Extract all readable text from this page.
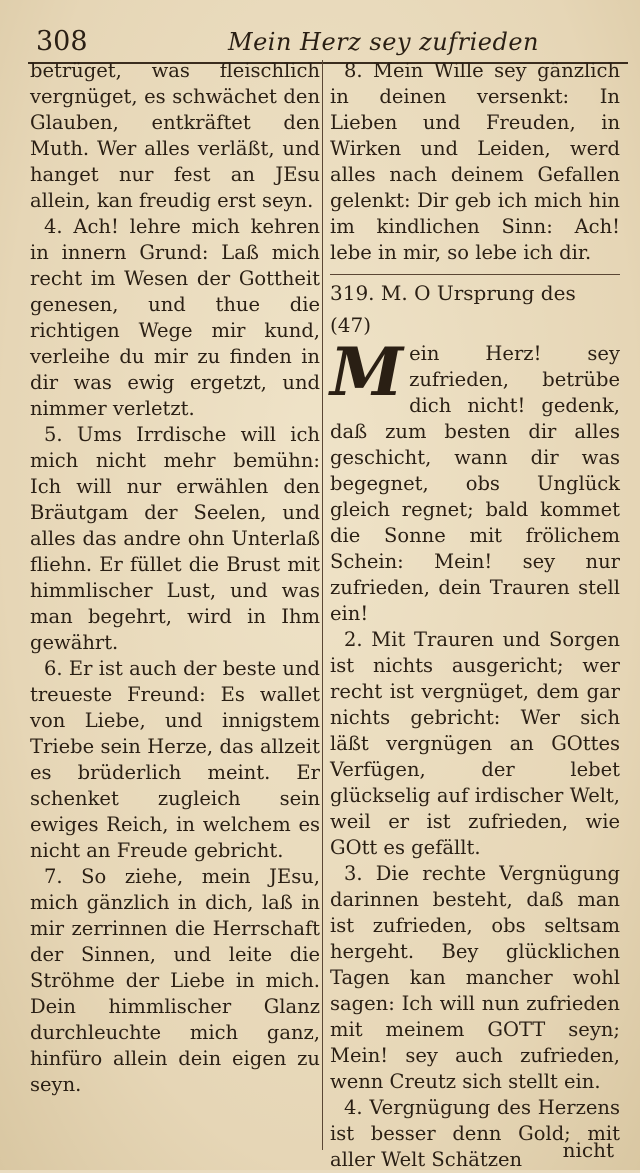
308	Mein Herz sey zufrieden

betrüget, was fleischlich vergnüget, es schwächet den Glauben, entkräftet den Muth. Wer alles verläßt, und hanget nur fest an JEsu allein, kan freudig erst seyn.

4. Ach! lehre mich kehren in innern Grund: Laß mich recht im Wesen der Gottheit genesen, und thue die richtigen Wege mir kund, verleihe du mir zu finden in dir was ewig ergetzt, und nimmer verletzt.

5. Ums Irrdische will ich mich nicht mehr bemühn: Ich will nur erwählen den Bräutgam der Seelen, und alles das andre ohn Unterlaß fliehn. Er füllet die Brust mit himmlischer Lust, und was man begehrt, wird in Ihm gewährt.

6. Er ist auch der beste und treueste Freund: Es wallet von Liebe, und innigstem Triebe sein Herze, das allzeit es brüderlich meint. Er schenket zugleich sein ewiges Reich, in welchem es nicht an Freude gebricht.

7. So ziehe, mein JEsu, mich gänzlich in dich, laß in mir zerrinnen die Herrschaft der Sinnen, und leite die Ströhme der Liebe in mich. Dein himmlischer Glanz durchleuchte mich ganz, hinfüro allein dein eigen zu seyn.

8. Mein Wille sey gänzlich in deinen versenkt: In Lieben und Freuden, in Wirken und Leiden, werd alles nach deinem Gefallen gelenkt: Dir geb ich mich hin im kindlichen Sinn: Ach! lebe in mir, so lebe ich dir.

319. M. O Ursprung des (47)

Mein Herz! sey zufrieden, betrübe dich nicht! gedenk, daß zum besten dir alles geschicht, wann dir was begegnet, obs Unglück gleich regnet; bald kommet die Sonne mit frölichem Schein: Mein! sey nur zufrieden, dein Trauren stell ein!

2. Mit Trauren und Sorgen ist nichts ausgericht; wer recht ist vergnüget, dem gar nichts gebricht: Wer sich läßt vergnügen an GOttes Verfügen, der lebet glückselig auf irdischer Welt, weil er ist zufrieden, wie GOtt es gefällt.

3. Die rechte Vergnügung darinnen besteht, daß man ist zufrieden, obs seltsam hergeht. Bey glücklichen Tagen kan mancher wohl sagen: Ich will nun zufrieden mit meinem GOTT seyn; Mein! sey auch zufrieden, wenn Creutz sich stellt ein.

4. Vergnügung des Herzens ist besser denn Gold; mit aller Welt Schätzen	nicht
